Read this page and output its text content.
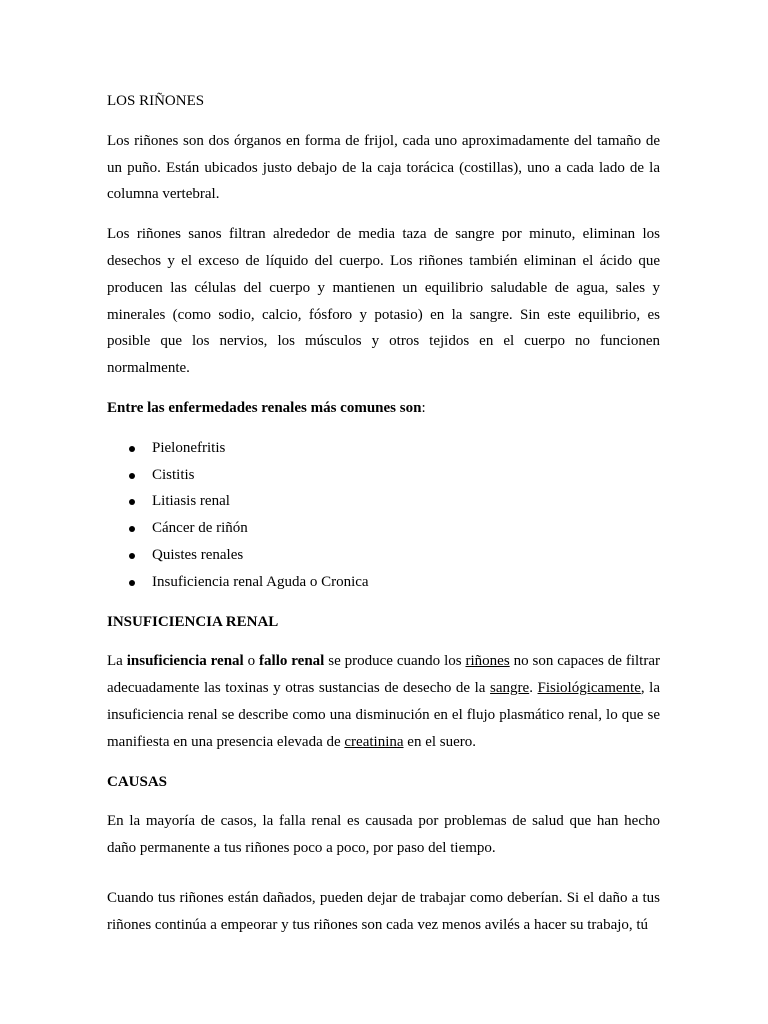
LOS RIÑONES

Los riñones son dos órganos en forma de frijol, cada uno aproximadamente del tamaño de un puño. Están ubicados justo debajo de la caja torácica (costillas), uno a cada lado de la columna vertebral.

Los riñones sanos filtran alrededor de media taza de sangre por minuto, eliminan los desechos y el exceso de líquido del cuerpo. Los riñones también eliminan el ácido que producen las células del cuerpo y mantienen un equilibrio saludable de agua, sales y minerales (como sodio, calcio, fósforo y potasio) en la sangre. Sin este equilibrio, es posible que los nervios, los músculos y otros tejidos en el cuerpo no funcionen normalmente.

Entre las enfermedades renales más comunes son:

Pielonefritis
Cistitis
Litiasis renal
Cáncer de riñón
Quistes renales
Insuficiencia renal Aguda o Cronica

INSUFICIENCIA RENAL

La insuficiencia renal o fallo renal se produce cuando los riñones no son capaces de filtrar adecuadamente las toxinas y otras sustancias de desecho de la sangre. Fisiológicamente, la insuficiencia renal se describe como una disminución en el flujo plasmático renal, lo que se manifiesta en una presencia elevada de creatinina en el suero.

CAUSAS

En la mayoría de casos, la falla renal es causada por problemas de salud que han hecho daño permanente a tus riñones poco a poco, por paso del tiempo.

Cuando tus riñones están dañados, pueden dejar de trabajar como deberían. Si el daño a tus riñones continúa a empeorar y tus riñones son cada vez menos avilés a hacer su trabajo, tú
